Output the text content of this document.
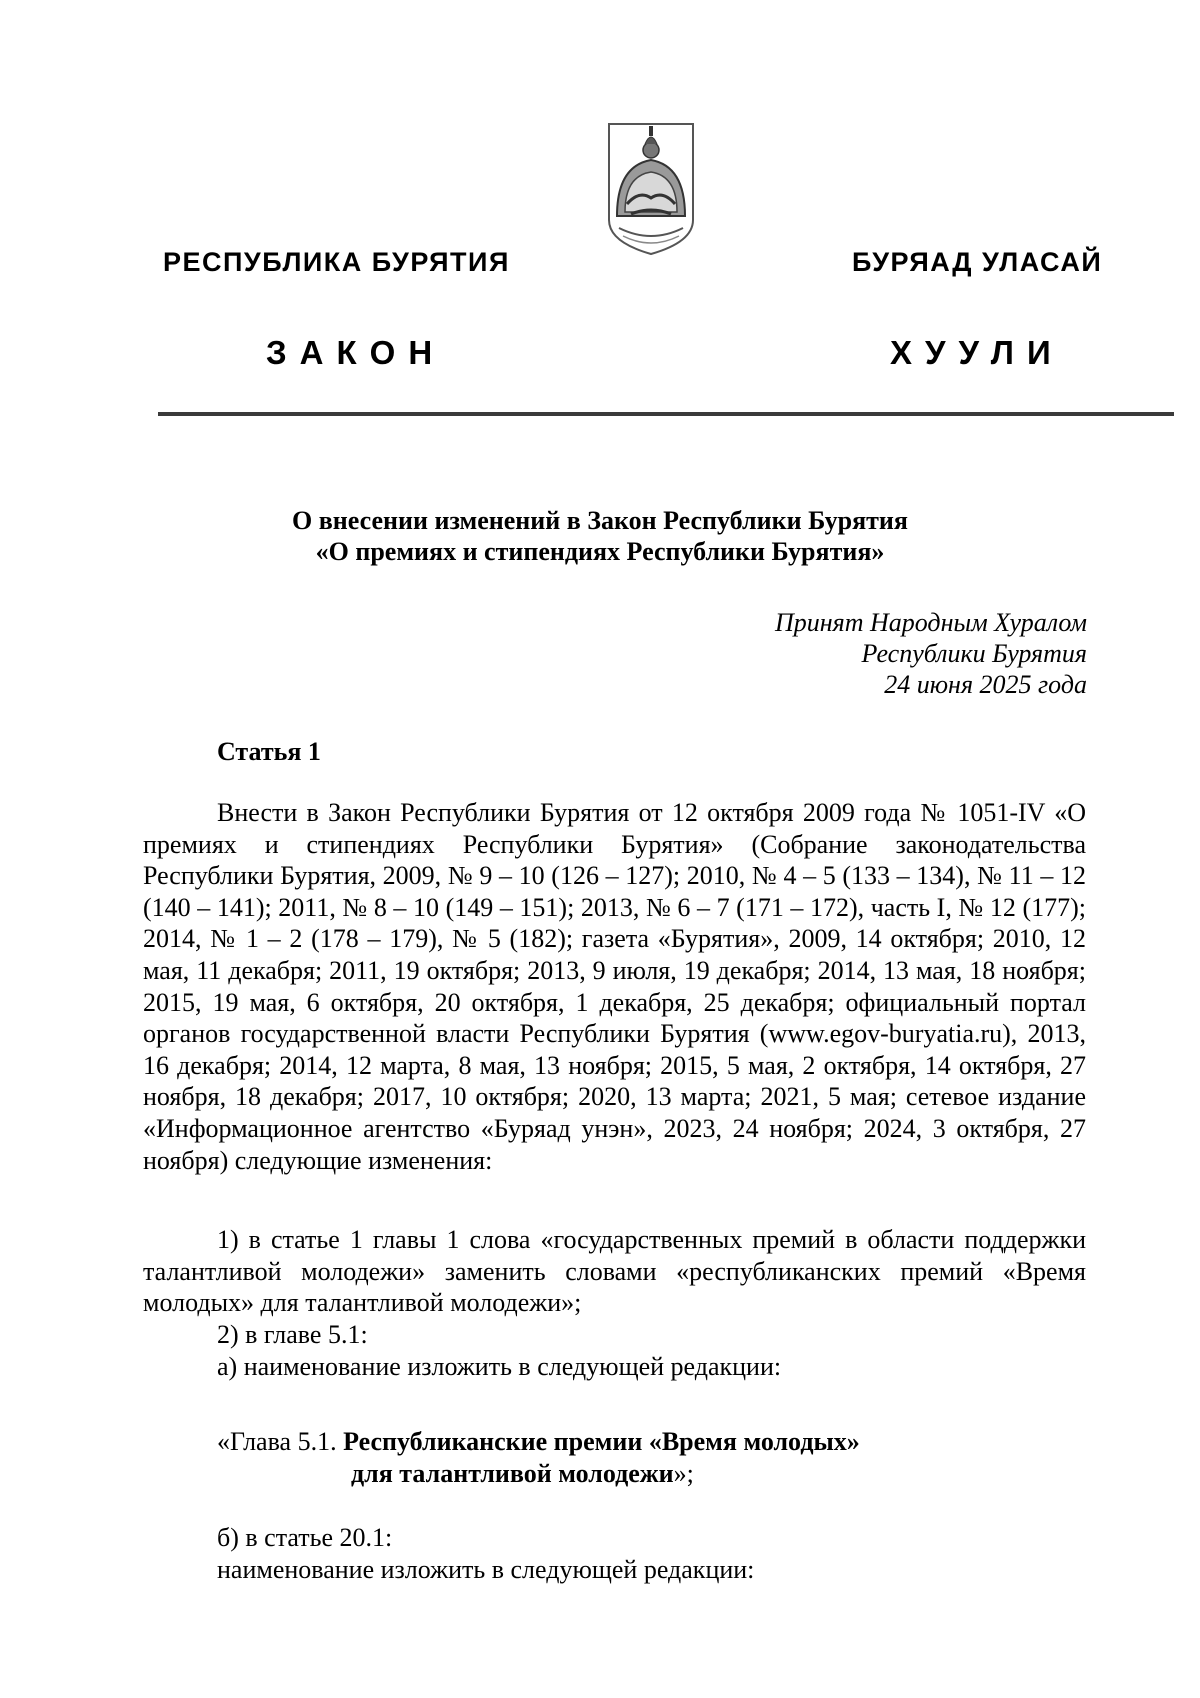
РЕСПУБЛИКА БУРЯТИЯ	БУРЯАД УЛАСАЙ
ЗАКОН	ХУУЛИ
О внесении изменений в Закон Республики Бурятия
«О премиях и стипендиях Республики Бурятия»
Принят Народным Хуралом
Республики Бурятия
24 июня 2025 года
Статья 1
Внести в Закон Республики Бурятия от 12 октября 2009 года № 1051-IV «О премиях и стипендиях Республики Бурятия» (Собрание законодательства Республики Бурятия, 2009, № 9 – 10 (126 – 127); 2010, № 4 – 5 (133 – 134), № 11 – 12 (140 – 141); 2011, № 8 – 10 (149 – 151); 2013, № 6 – 7 (171 – 172), часть I, № 12 (177); 2014, № 1 – 2 (178 – 179), № 5 (182); газета «Бурятия», 2009, 14 октября; 2010, 12 мая, 11 декабря; 2011, 19 октября; 2013, 9 июля, 19 декабря; 2014, 13 мая, 18 ноября; 2015, 19 мая, 6 октября, 20 октября, 1 декабря, 25 декабря; официальный портал органов государственной власти Республики Бурятия (www.egov-buryatia.ru), 2013, 16 декабря; 2014, 12 марта, 8 мая, 13 ноября; 2015, 5 мая, 2 октября, 14 октября, 27 ноября, 18 декабря; 2017, 10 октября; 2020, 13 марта; 2021, 5 мая; сетевое издание «Информационное агентство «Буряад унэн», 2023, 24 ноября; 2024, 3 октября, 27 ноября) следующие изменения:
1) в статье 1 главы 1 слова «государственных премий в области поддержки талантливой молодежи» заменить словами «республиканских премий «Время молодых» для талантливой молодежи»;
2) в главе 5.1:
а) наименование изложить в следующей редакции:
«Глава 5.1. Республиканские премии «Время молодых»
для талантливой молодежи»;
б) в статье 20.1:
наименование изложить в следующей редакции:
